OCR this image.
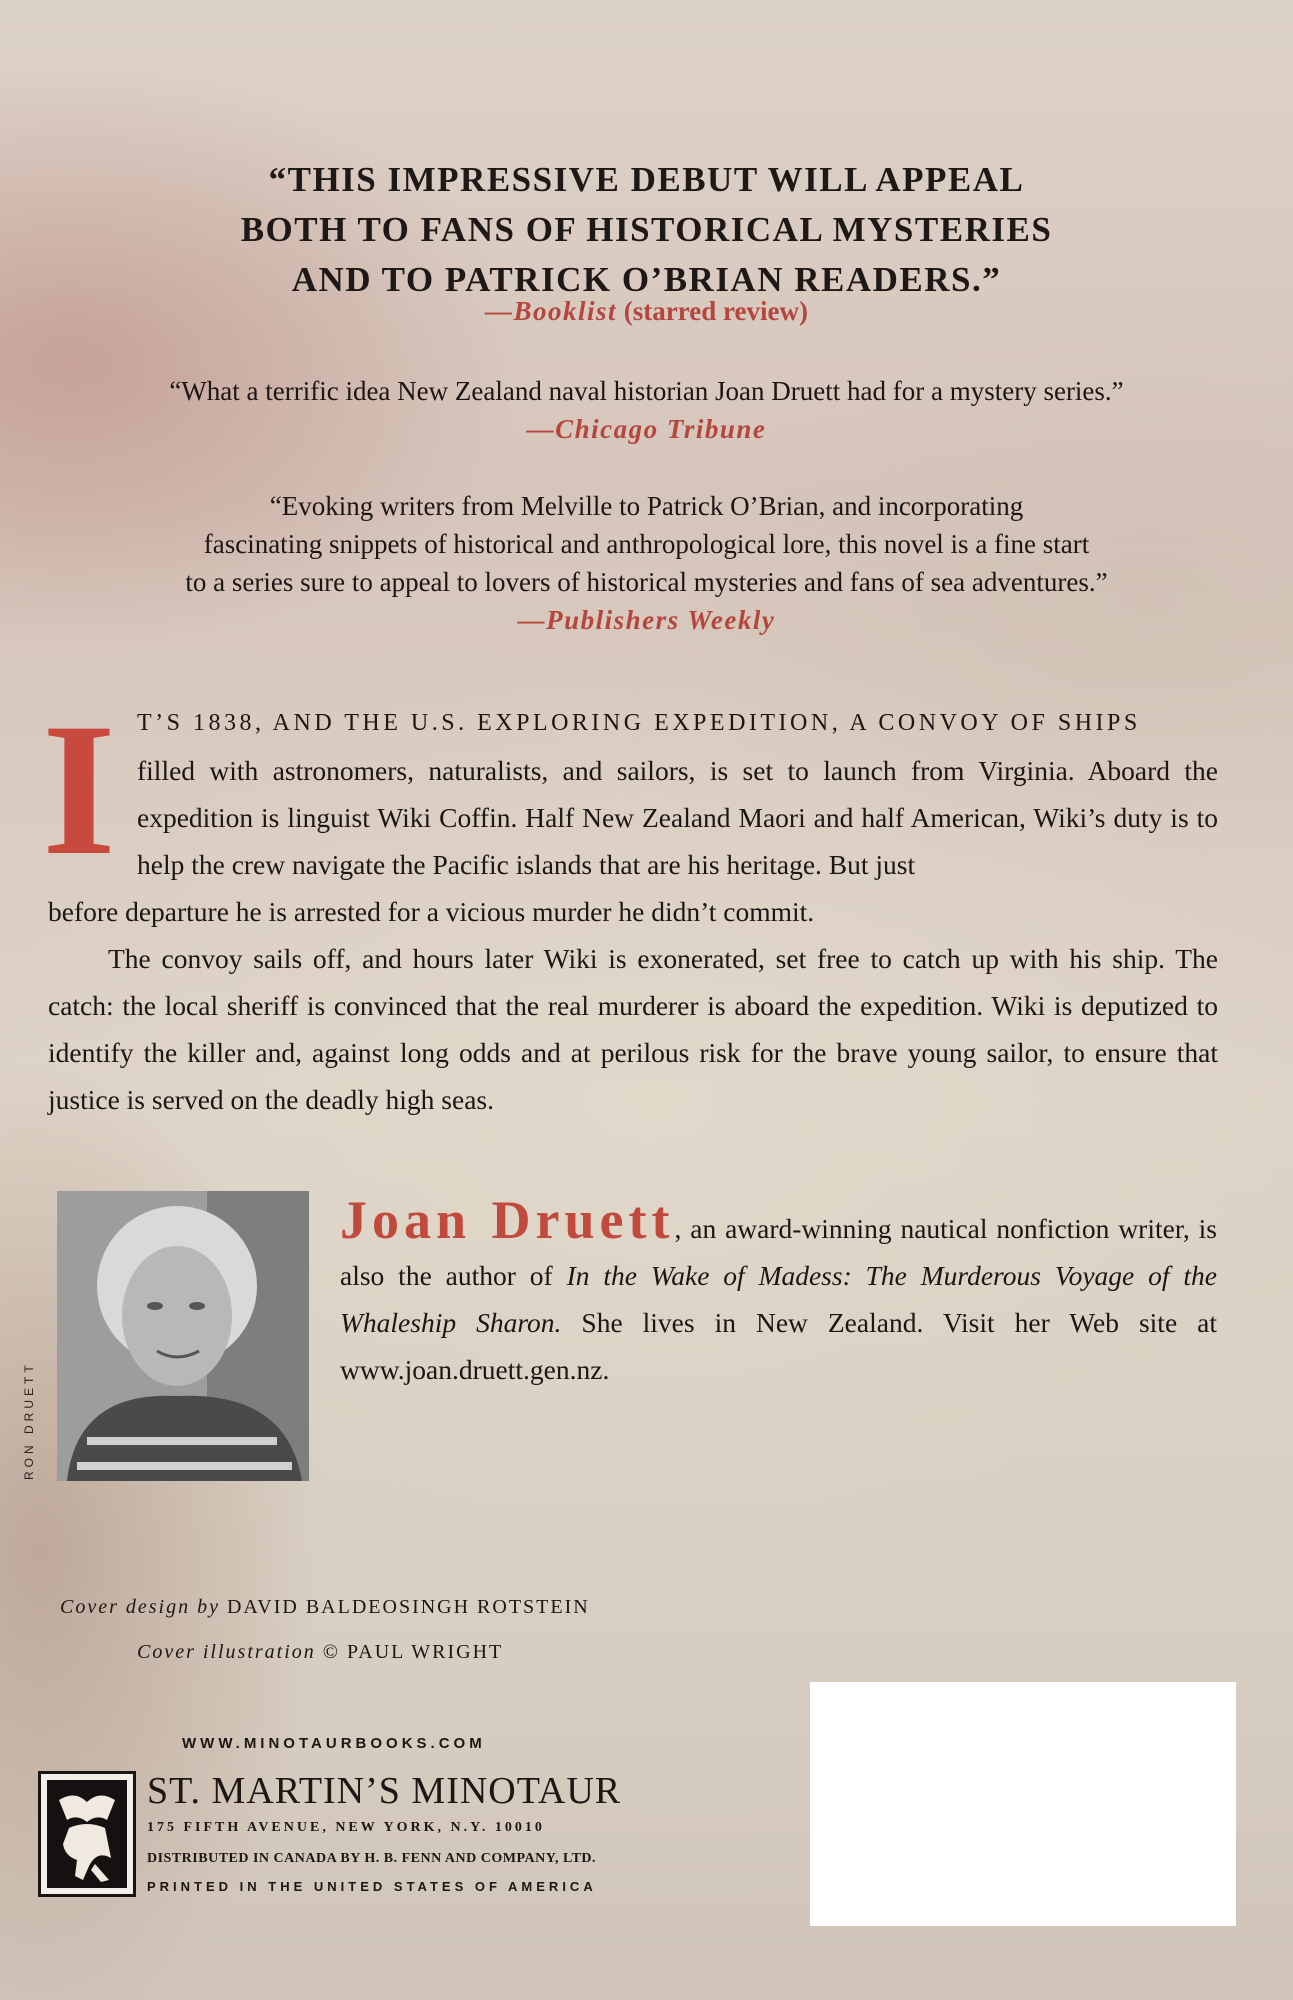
“THIS IMPRESSIVE DEBUT WILL APPEAL
BOTH TO FANS OF HISTORICAL MYSTERIES
AND TO PATRICK O’BRIAN READERS.”
—Booklist (starred review)
“What a terrific idea New Zealand naval historian Joan Druett had for a mystery series.”
—Chicago Tribune
“Evoking writers from Melville to Patrick O’Brian, and incorporating
fascinating snippets of historical and anthropological lore, this novel is a fine start
to a series sure to appeal to lovers of historical mysteries and fans of sea adventures.”
—Publishers Weekly
I T’S 1838, AND THE U.S. EXPLORING EXPEDITION, A CONVOY OF SHIPS
filled with astronomers, naturalists, and sailors, is set to launch from Virginia. Aboard the expedition is linguist Wiki Coffin. Half New Zealand Maori and half American, Wiki’s duty is to help the crew navigate the Pacific islands that are his heritage. But just

before departure he is arrested for a vicious murder he didn’t commit.

The convoy sails off, and hours later Wiki is exonerated, set free to catch up with his ship. The catch: the local sheriff is convinced that the real murderer is aboard the expedition. Wiki is deputized to identify the killer and, against long odds and at perilous risk for the brave young sailor, to ensure that justice is served on the deadly high seas.

RON DRUETT
Joan Druett, an award-winning nautical nonfiction writer, is also the author of In the Wake of Madess: The Murderous Voyage of the Whaleship Sharon. She lives in New Zealand. Visit her Web site at www.joan.druett.gen.nz.
Cover design by DAVID BALDEOSINGH ROTSTEIN
Cover illustration © PAUL WRIGHT
WWW.MINOTAURBOOKS.COM
ST. MARTIN’S MINOTAUR
175 FIFTH AVENUE, NEW YORK, N.Y. 10010
DISTRIBUTED IN CANADA BY H. B. FENN AND COMPANY, LTD.
PRINTED IN THE UNITED STATES OF AMERICA
